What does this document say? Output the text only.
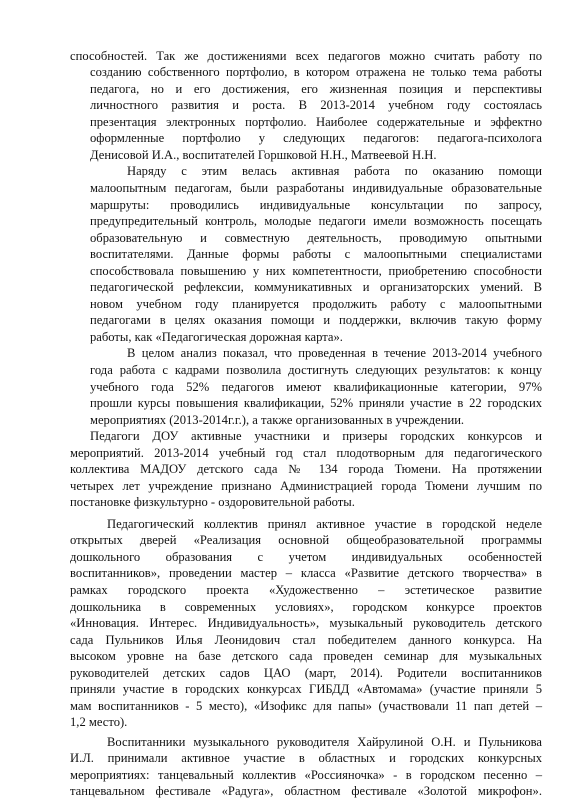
способностей. Так же достижениями всех педагогов можно считать работу по
созданию собственного портфолио, в котором отражена не только тема работы
педагога, но и его достижения, его жизненная позиция и перспективы
личностного развития и роста. В 2013-2014 учебном году состоялась
презентация электронных портфолио. Наиболее содержательные и эффектно
оформленные портфолио у следующих педагогов: педагога-психолога
Денисовой И.А., воспитателей Горшковой Н.Н., Матвеевой Н.Н.
Наряду с этим велась активная работа по оказанию помощи
малоопытным педагогам, были разработаны индивидуальные образовательные
маршруты: проводились индивидуальные консультации по запросу,
предупредительный контроль, молодые педагоги имели возможность посещать
образовательную и совместную деятельность, проводимую опытными
воспитателями. Данные формы работы с малоопытными специалистами
способствовала повышению у них компетентности, приобретению способности
педагогической рефлексии, коммуникативных и организаторских умений. В
новом учебном году планируется продолжить работу с малоопытными
педагогами в целях оказания помощи и поддержки, включив такую форму
работы, как «Педагогическая дорожная карта».
В целом анализ показал, что проведенная в течение 2013-2014 учебного
года работа с кадрами позволила достигнуть следующих результатов: к концу
учебного года 52% педагогов имеют квалификационные категории, 97%
прошли курсы повышения квалификации, 52% приняли участие в 22 городских
мероприятиях (2013-2014г.г.), а также организованных в учреждении.
Педагоги ДОУ активные участники и призеры городских конкурсов и
мероприятий. 2013-2014 учебный год стал плодотворным для педагогического
коллектива МАДОУ детского сада № 134 города Тюмени. На протяжении
четырех лет учреждение признано Администрацией города Тюмени лучшим по
постановке физкультурно - оздоровительной работы.
Педагогический коллектив принял активное участие в городской неделе
открытых дверей «Реализация основной общеобразовательной программы
дошкольного образования с учетом индивидуальных особенностей
воспитанников», проведении мастер – класса «Развитие детского творчества» в
рамках городского проекта «Художественно – эстетическое развитие
дошкольника в современных условиях», городском конкурсе проектов
«Инновация. Интерес. Индивидуальность», музыкальный руководитель детского
сада Пульников Илья Леонидович стал победителем данного конкурса. На
высоком уровне на базе детского сада проведен семинар для музыкальных
руководителей детских садов ЦАО (март, 2014). Родители воспитанников
приняли участие в городских конкурсах ГИБДД «Автомама» (участие приняли 5
мам воспитанников - 5 место), «Изофикс для папы» (участвовали 11 пап детей –
1,2 место).
Воспитанники музыкального руководителя Хайрулиной О.Н. и Пульникова
И.Л. принимали активное участие в областных и городских конкурсных
мероприятиях: танцевальный коллектив «Россияночка» - в городском песенно –
танцевальном фестивале «Радуга», областном фестивале «Золотой микрофон».
